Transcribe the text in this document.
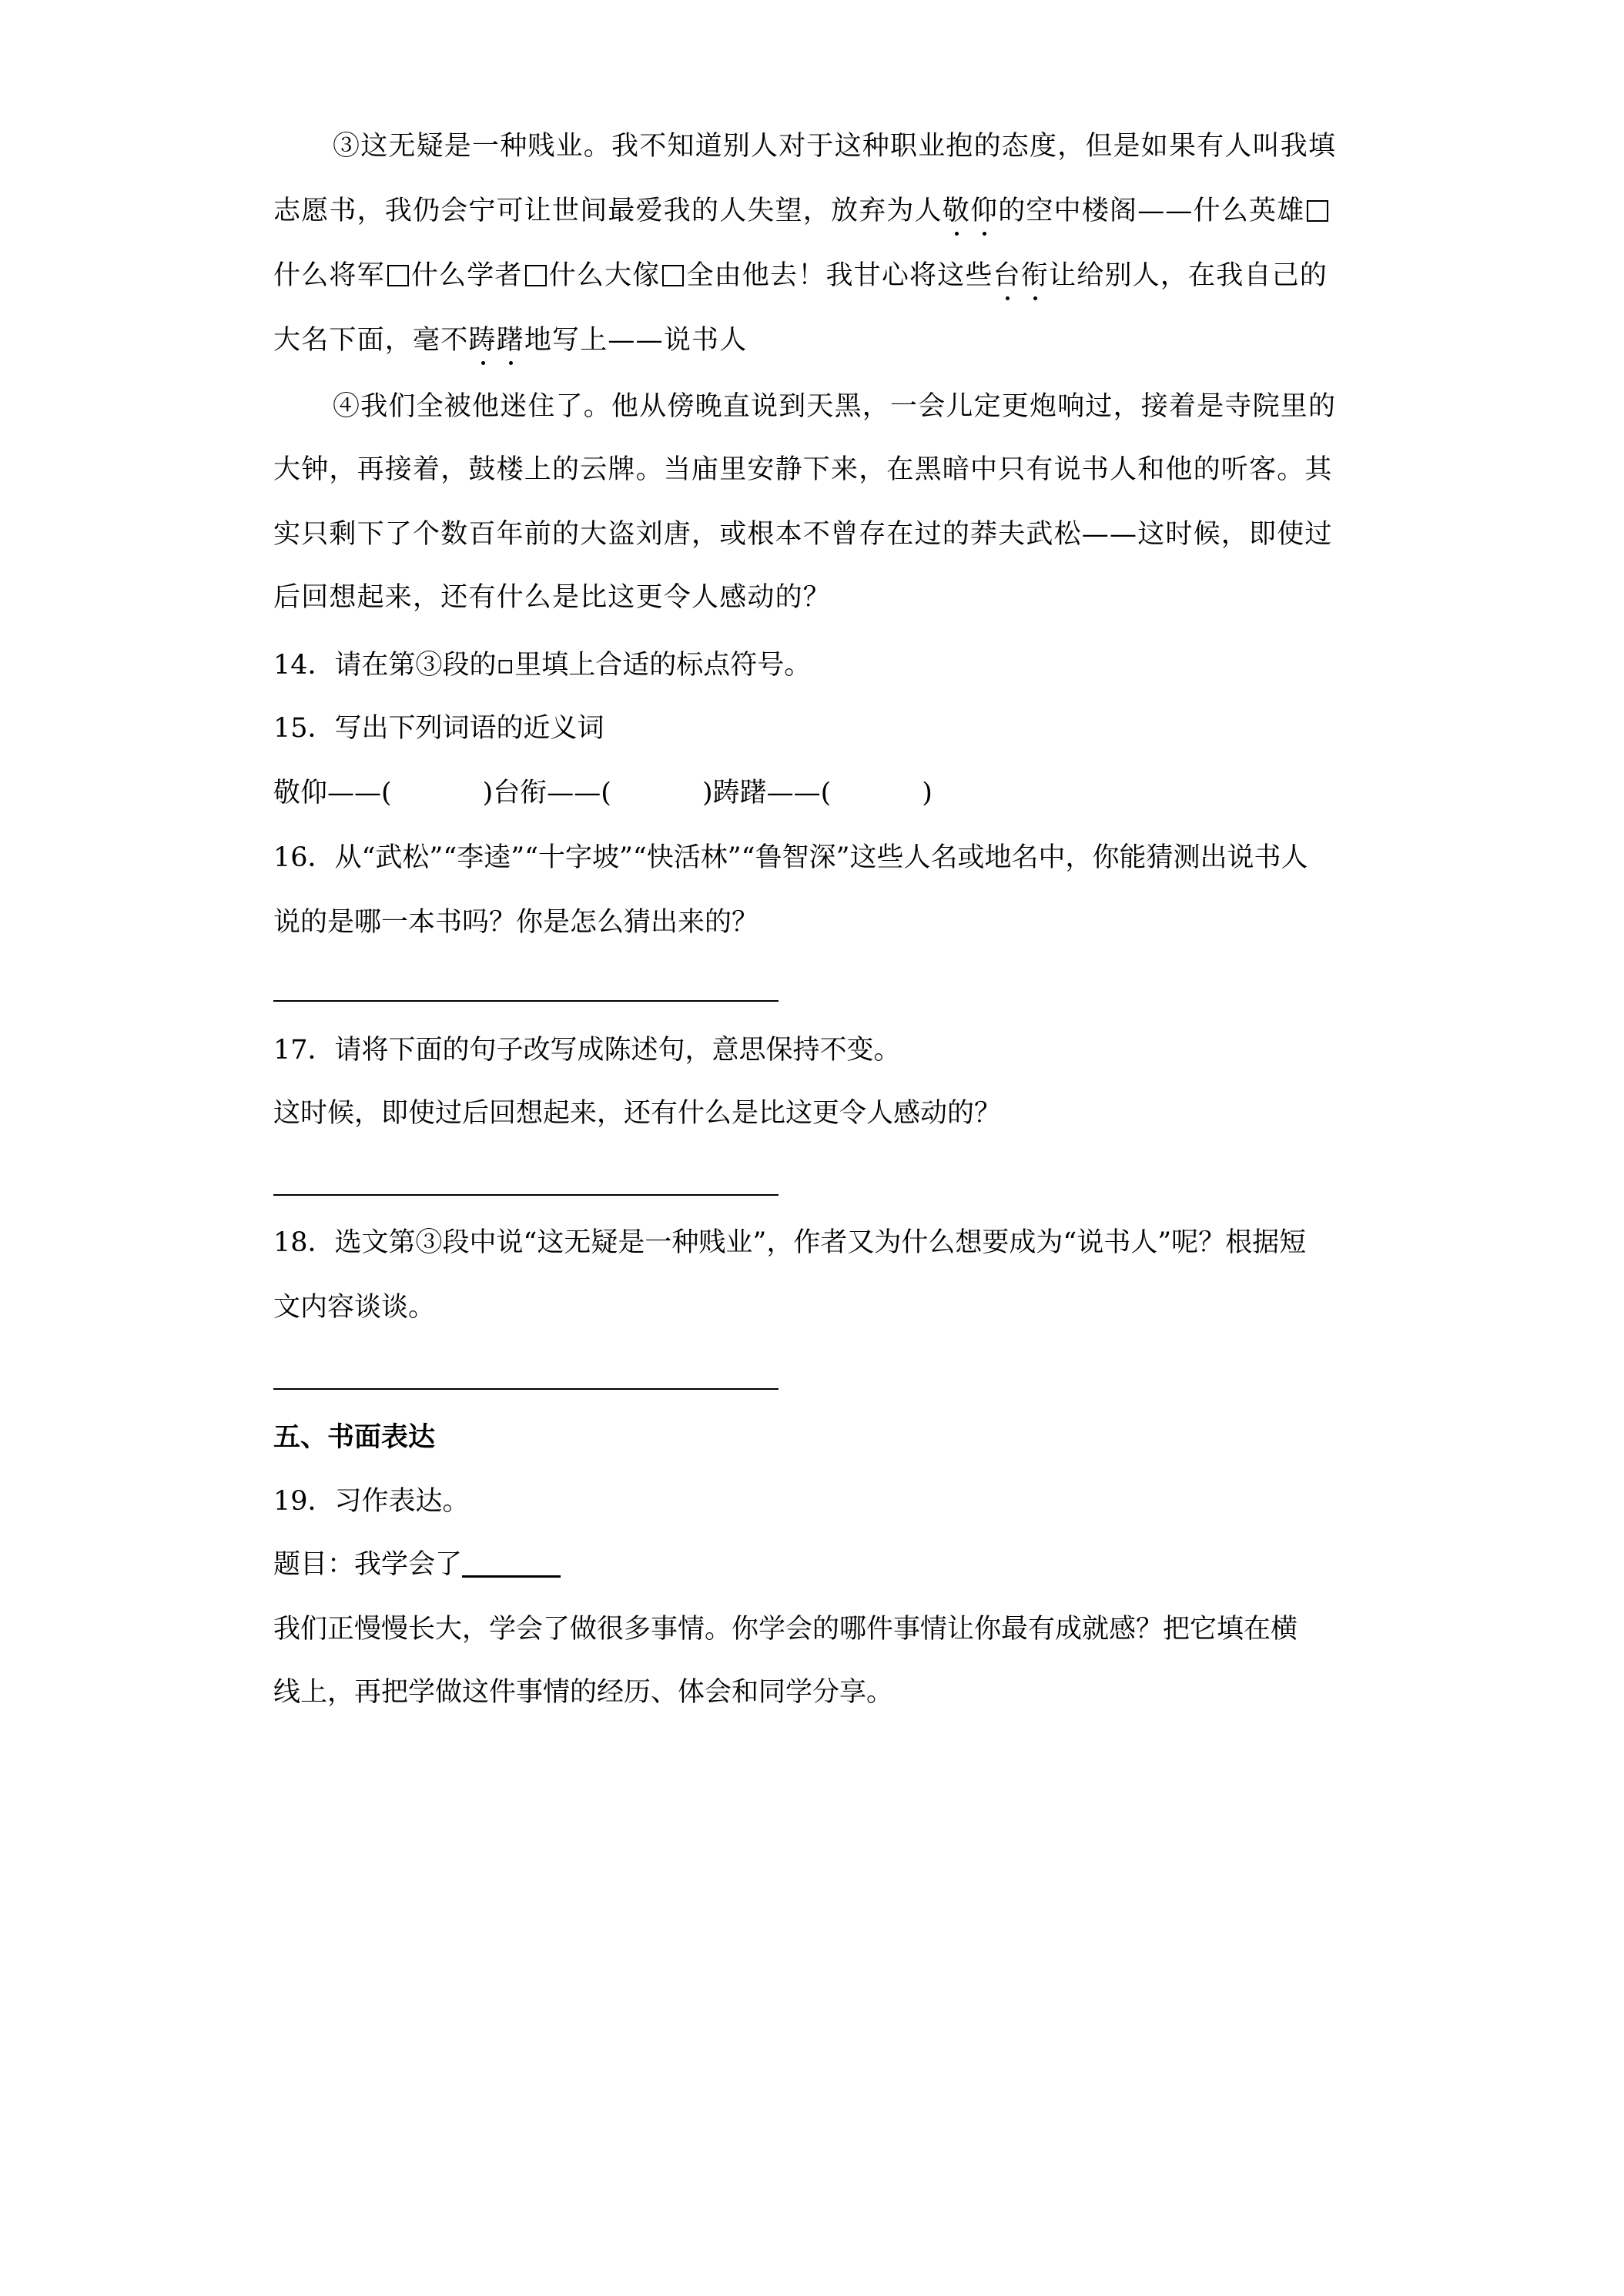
③这无疑是一种贱业。我不知道别人对于这种职业抱的态度，但是如果有人叫我填
志愿书，我仍会宁可让世间最爱我的人失望，放弃为人敬仰的空中楼阁——什么英雄
什么将军 什么学者 什么大傢 全由他去！我甘心将这些台衔让给别人，在我自己的
大名下面，毫不踌躇地写上——说书人
④我们全被他迷住了。他从傍晚直说到天黑，一会儿定更炮响过，接着是寺院里的
大钟，再接着，鼓楼上的云牌。当庙里安静下来，在黑暗中只有说书人和他的听客。其
实只剩下了个数百年前的大盗刘唐，或根本不曾存在过的莽夫武松——这时候，即使过
后回想起来，还有什么是比这更令人感动的？
14．请在第③段的▫里填上合适的标点符号。
15．写出下列词语的近义词
敬仰——(	)台衔——(	)踌躇——(	)
16．从“武松”“李逵”“十字坡”“快活林”“鲁智深”这些人名或地名中，你能猜测出说书人
说的是哪一本书吗？你是怎么猜出来的？
17．请将下面的句子改写成陈述句，意思保持不变。
这时候，即使过后回想起来，还有什么是比这更令人感动的？
18．选文第③段中说“这无疑是一种贱业”，作者又为什么想要成为“说书人”呢？根据短
文内容谈谈。
五、书面表达
19．习作表达。
题目：我学会了
我们正慢慢长大，学会了做很多事情。你学会的哪件事情让你最有成就感？把它填在横
线上，再把学做这件事情的经历、体会和同学分享。
